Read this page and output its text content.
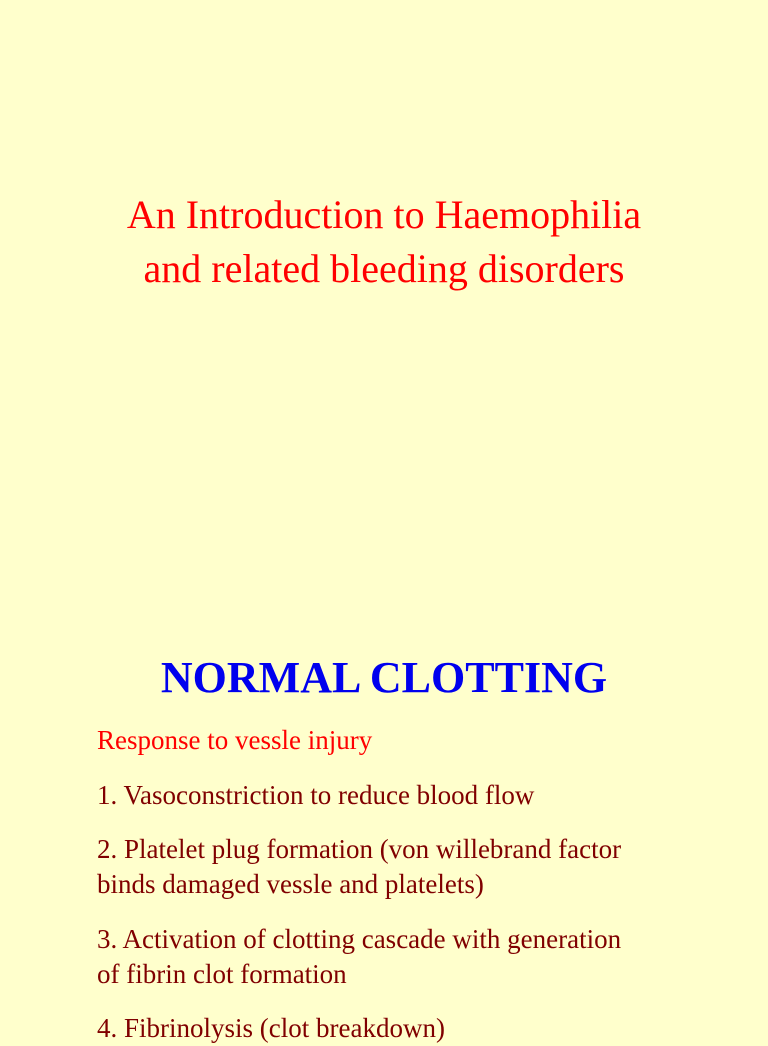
An Introduction to Haemophilia
and related bleeding disorders
NORMAL CLOTTING
Response to vessle injury
1. Vasoconstriction to reduce blood flow
2. Platelet plug formation (von willebrand factor
binds damaged vessle and platelets)
3. Activation of clotting cascade with generation
of fibrin clot formation
4. Fibrinolysis (clot breakdown)
